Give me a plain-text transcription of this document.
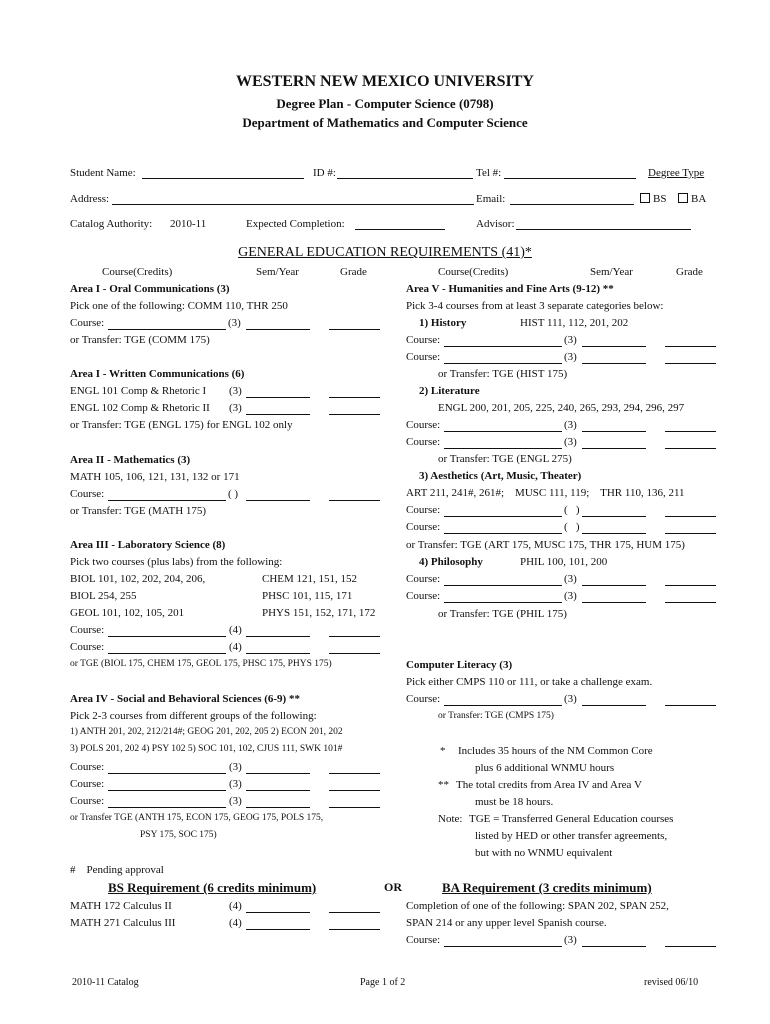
WESTERN NEW MEXICO UNIVERSITY
Degree Plan - Computer Science (0798)
Department of Mathematics and Computer Science
Student Name:	ID #:	Tel #:	Degree Type
Address:	Email:	BS	BA
Catalog Authority: 2010-11	Expected Completion:	Advisor:
GENERAL EDUCATION REQUIREMENTS (41)*
Course(Credits)	Sem/Year	Grade	Course(Credits)	Sem/Year	Grade
Area I - Oral Communications (3)
Pick one of the following: COMM 110, THR 250
Course:	(3)
or Transfer: TGE (COMM 175)
Area I - Written Communications (6)
ENGL 101 Comp & Rhetoric I (3)
ENGL 102 Comp & Rhetoric II (3)
or Transfer: TGE (ENGL 175) for ENGL 102 only
Area II - Mathematics (3)
MATH 105, 106, 121, 131, 132 or 171
Course:	( )
or Transfer: TGE (MATH 175)
Area III - Laboratory Science (8)
Pick two courses (plus labs) from the following:
BIOL 101, 102, 202, 204, 206,	CHEM 121, 151, 152
BIOL 254, 255	PHSC 101, 115, 171
GEOL 101, 102, 105, 201	PHYS 151, 152, 171, 172
Course:	(4)
Course:	(4)
or TGE (BIOL 175, CHEM 175, GEOL 175, PHSC 175, PHYS 175)
Area IV - Social and Behavioral Sciences (6-9) **
Pick 2-3 courses from different groups of the following:
1) ANTH 201, 202, 212/214#; GEOG 201, 202, 205 2) ECON 201, 202
3) POLS 201, 202 4) PSY 102 5) SOC 101, 102, CJUS 111, SWK 101#
Course:	(3)
Course:	(3)
Course:	(3)
or Transfer TGE (ANTH 175, ECON 175, GEOG 175, POLS 175,
PSY 175, SOC 175)
#    Pending approval
Area V - Humanities and Fine Arts (9-12) **
Pick 3-4 courses from at least 3 separate categories below:
1) History	HIST 111, 112, 201, 202
Course:	(3)
Course:	(3)
or Transfer: TGE (HIST 175)
2) Literature
ENGL 200, 201, 205, 225, 240, 265, 293, 294, 296, 297
Course:	(3)
Course:	(3)
or Transfer: TGE (ENGL 275)
3) Aesthetics (Art, Music, Theater)
ART 211, 241#, 261#;    MUSC 111, 119;    THR 110, 136, 211
Course:	(   )
Course:	(   )
or Transfer: TGE (ART 175, MUSC 175, THR 175, HUM 175)
4) Philosophy	PHIL 100, 101, 200
Course:	(3)
Course:	(3)
or Transfer: TGE (PHIL 175)
Computer Literacy (3)
Pick either CMPS 110 or 111, or take a challenge exam.
Course:	(3)
or Transfer: TGE (CMPS 175)
* Includes 35 hours of the NM Common Core
plus 6 additional WNMU hours
** The total credits from Area IV and Area V
must be 18 hours.
Note: TGE = Transferred General Education courses
listed by HED or other transfer agreements,
but with no WNMU equivalent
BS Requirement (6 credits minimum)	OR	BA Requirement (3 credits minimum)
MATH 172 Calculus II	(4)
MATH 271 Calculus III	(4)
Completion of one of the following: SPAN 202, SPAN 252,
SPAN 214 or any upper level Spanish course.
Course:	(3)
2010-11 Catalog	Page 1 of 2	revised 06/10
